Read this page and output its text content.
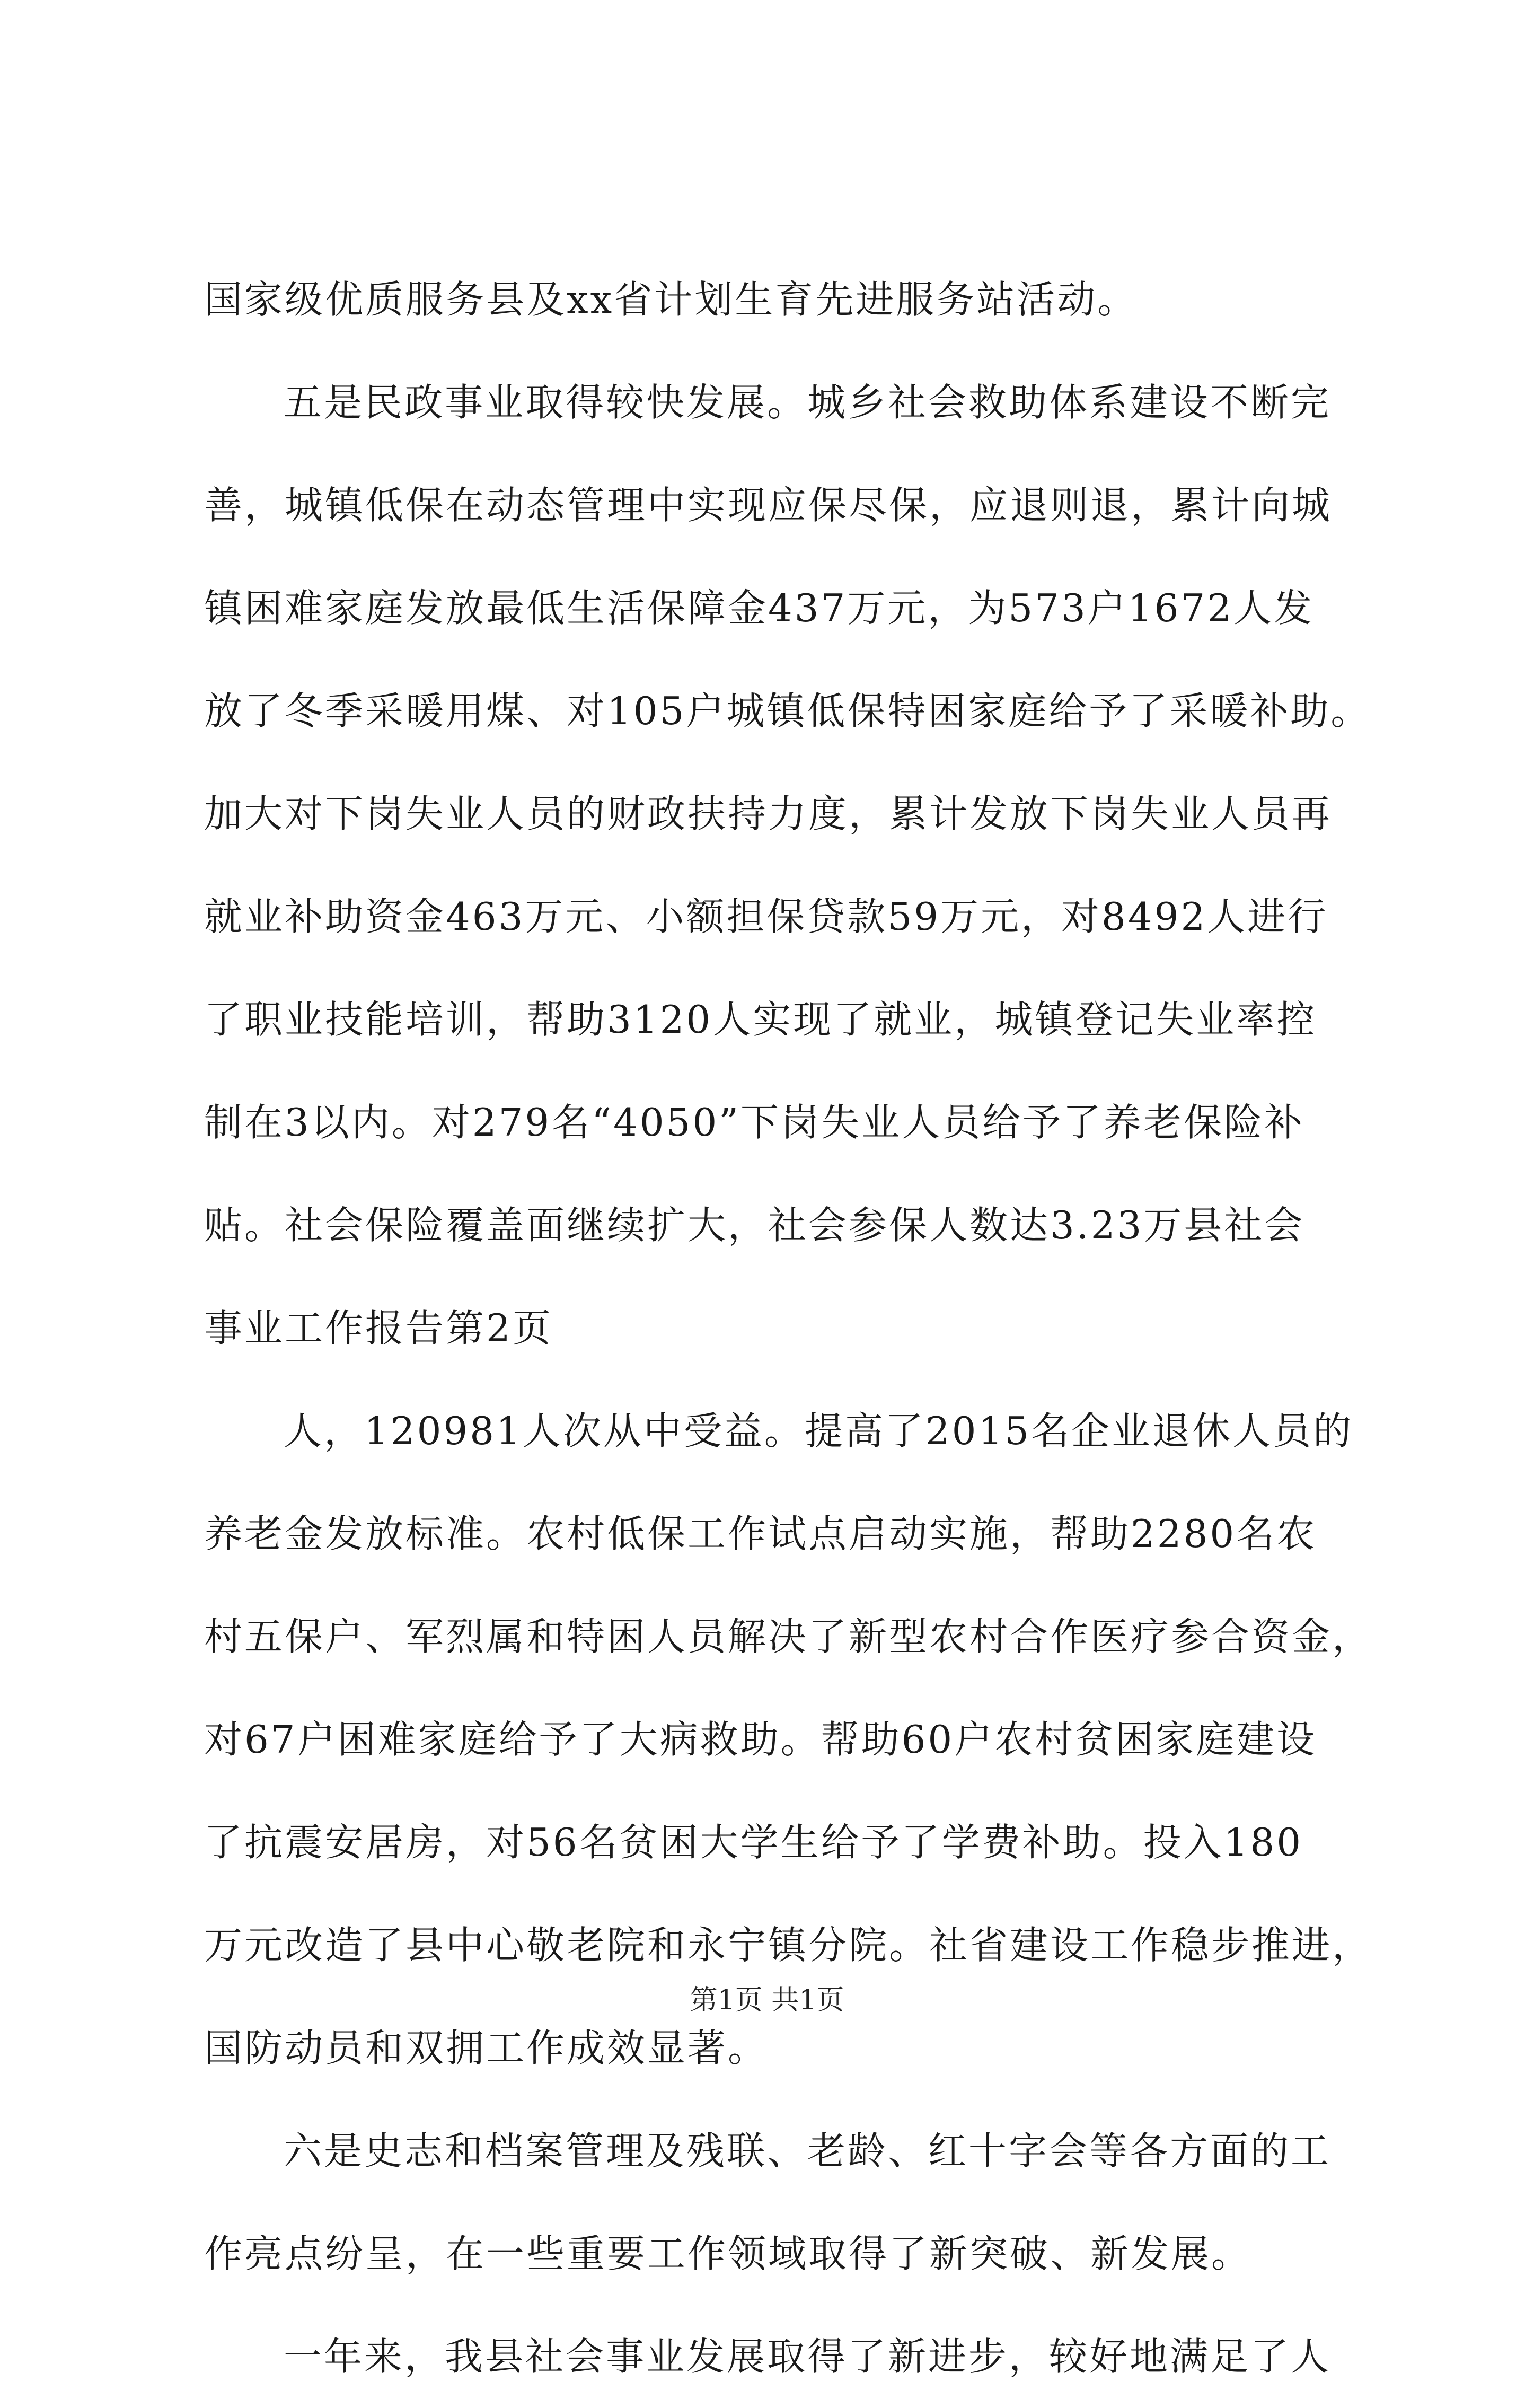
国家级优质服务县及xx省计划生育先进服务站活动。
五是民政事业取得较快发展。城乡社会救助体系建设不断完
善，城镇低保在动态管理中实现应保尽保，应退则退，累计向城
镇困难家庭发放最低生活保障金437万元，为573户1672人发
放了冬季采暖用煤、对105户城镇低保特困家庭给予了采暖补助。
加大对下岗失业人员的财政扶持力度，累计发放下岗失业人员再
就业补助资金463万元、小额担保贷款59万元，对8492人进行
了职业技能培训，帮助3120人实现了就业，城镇登记失业率控
制在3以内。对279名“4050”下岗失业人员给予了养老保险补
贴。社会保险覆盖面继续扩大，社会参保人数达3.23万县社会
事业工作报告第2页
人，120981人次从中受益。提高了2015名企业退休人员的
养老金发放标准。农村低保工作试点启动实施，帮助2280名农
村五保户、军烈属和特困人员解决了新型农村合作医疗参合资金，
对67户困难家庭给予了大病救助。帮助60户农村贫困家庭建设
了抗震安居房，对56名贫困大学生给予了学费补助。投入180
万元改造了县中心敬老院和永宁镇分院。社省建设工作稳步推进，
国防动员和双拥工作成效显著。
六是史志和档案管理及残联、老龄、红十字会等各方面的工
作亮点纷呈，在一些重要工作领域取得了新突破、新发展。
一年来，我县社会事业发展取得了新进步，较好地满足了人
第1页 共1页
